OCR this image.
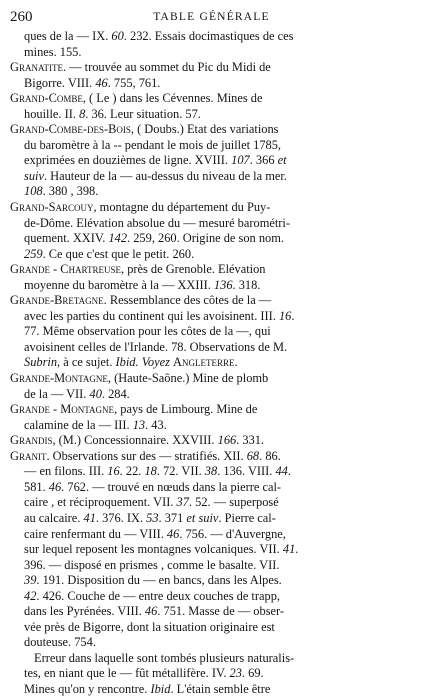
260	TABLE GÉNÉRALE
ques de la — IX. 60. 232. Essais docimastiques de ces
mines. 155.
Granatite. — trouvée au sommet du Pic du Midi de
Bigorre. VIII. 46. 755, 761.
Grand-Combe, ( Le ) dans les Cévennes. Mines de
houille. II. 8. 36. Leur situation. 57.
Grand-Combe-des-Bois, ( Doubs.) Etat des variations
du baromètre à la -- pendant le mois de juillet 1785,
exprimées en douzièmes de ligne. XVIII. 107. 366 et
suiv. Hauteur de la — au-dessus du niveau de la mer.
108. 380 , 398.
Grand-Sarcouy, montagne du département du Puy-
de-Dôme. Elévation absolue du — mesuré barométri-
quement. XXIV. 142. 259, 260. Origine de son nom.
259. Ce que c'est que le petit. 260.
Grande - Chartreuse, près de Grenoble. Elévation
moyenne du baromètre à la — XXIII. 136. 318.
Grande-Bretagne. Ressemblance des côtes de la —
avec les parties du continent qui les avoisinent. III. 16.
77. Même observation pour les côtes de la —, qui
avoisinent celles de l'Irlande. 78. Observations de M.
Subrin, à ce sujet. Ibid. Voyez Angleterre.
Grande-Montagne, (Haute-Saône.) Mine de plomb
de la — VII. 40. 284.
Grande - Montagne, pays de Limbourg. Mine de
calamine de la — III. 13. 43.
Grandis, (M.) Concessionnaire. XXVIII. 166. 331.
Granit. Observations sur des — stratifiés. XII. 68. 86.
— en filons. III. 16. 22. 18. 72. VII. 38. 136. VIII. 44.
581. 46. 762. — trouvé en nœuds dans la pierre cal-
caire , et réciproquement. VII. 37. 52. — superposé
au calcaire. 41. 376. IX. 53. 371 et suiv. Pierre cal-
caire renfermant du — VIII. 46. 756. — d'Auvergne,
sur lequel reposent les montagnes volcaniques. VII. 41.
396. — disposé en prismes , comme le basalte. VII.
39. 191. Disposition du — en bancs, dans les Alpes.
42. 426. Couche de — entre deux couches de trapp,
dans les Pyrénées. VIII. 46. 751. Masse de — obser-
vée près de Bigorre, dont la situation originaire est
douteuse. 754.
Erreur dans laquelle sont tombés plusieurs naturalis-
tes, en niant que le — fût métallifère. IV. 23. 69.
Mines qu'on y rencontre. Ibid. L'étain semble être
